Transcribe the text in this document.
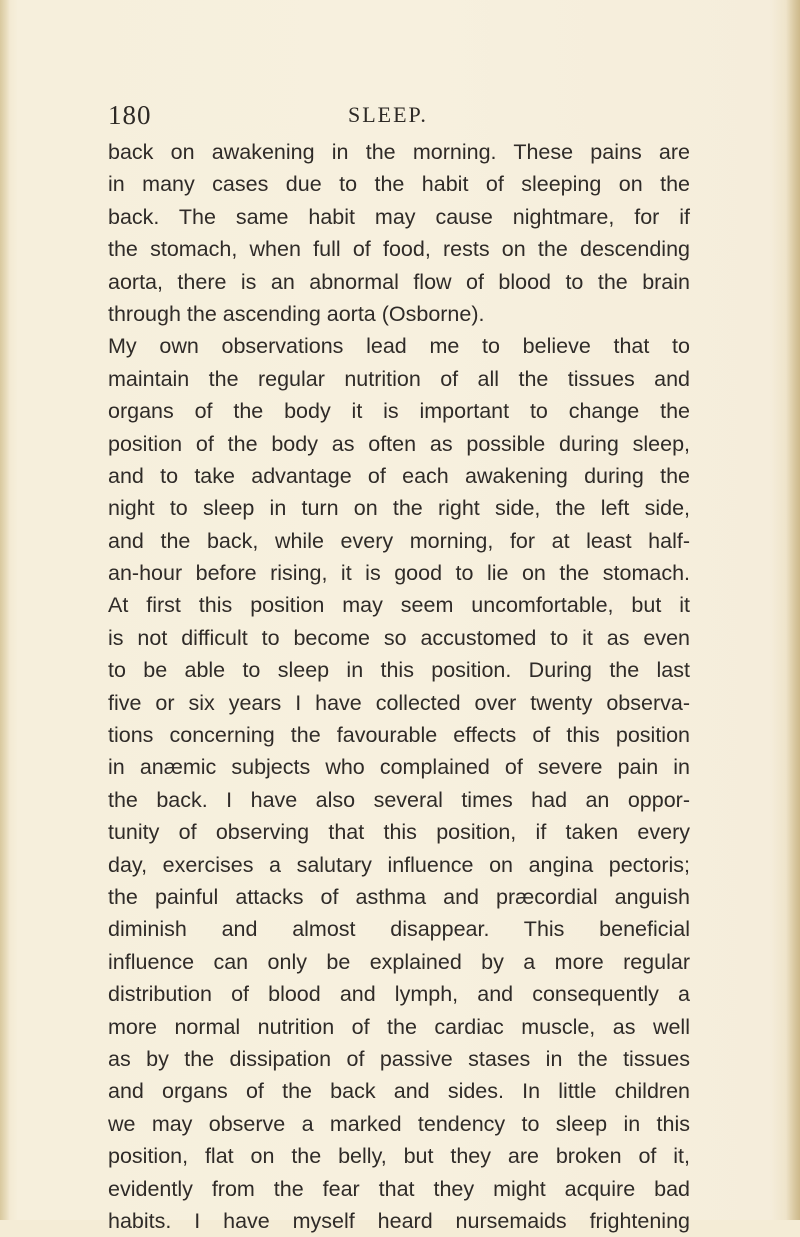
180	SLEEP.
back on awakening in the morning. These pains are
in many cases due to the habit of sleeping on the
back. The same habit may cause nightmare, for if
the stomach, when full of food, rests on the descending
aorta, there is an abnormal flow of blood to the brain
through the ascending aorta (Osborne).
My own observations lead me to believe that to
maintain the regular nutrition of all the tissues and
organs of the body it is important to change the
position of the body as often as possible during sleep,
and to take advantage of each awakening during the
night to sleep in turn on the right side, the left side,
and the back, while every morning, for at least half-
an-hour before rising, it is good to lie on the stomach.
At first this position may seem uncomfortable, but it
is not difficult to become so accustomed to it as even
to be able to sleep in this position. During the last
five or six years I have collected over twenty observa-
tions concerning the favourable effects of this position
in anæmic subjects who complained of severe pain in
the back. I have also several times had an oppor-
tunity of observing that this position, if taken every
day, exercises a salutary influence on angina pectoris;
the painful attacks of asthma and præcordial anguish
diminish and almost disappear. This beneficial
influence can only be explained by a more regular
distribution of blood and lymph, and consequently a
more normal nutrition of the cardiac muscle, as well
as by the dissipation of passive stases in the tissues
and organs of the back and sides. In little children
we may observe a marked tendency to sleep in this
position, flat on the belly, but they are broken of it,
evidently from the fear that they might acquire bad
habits. I have myself heard nursemaids frightening
